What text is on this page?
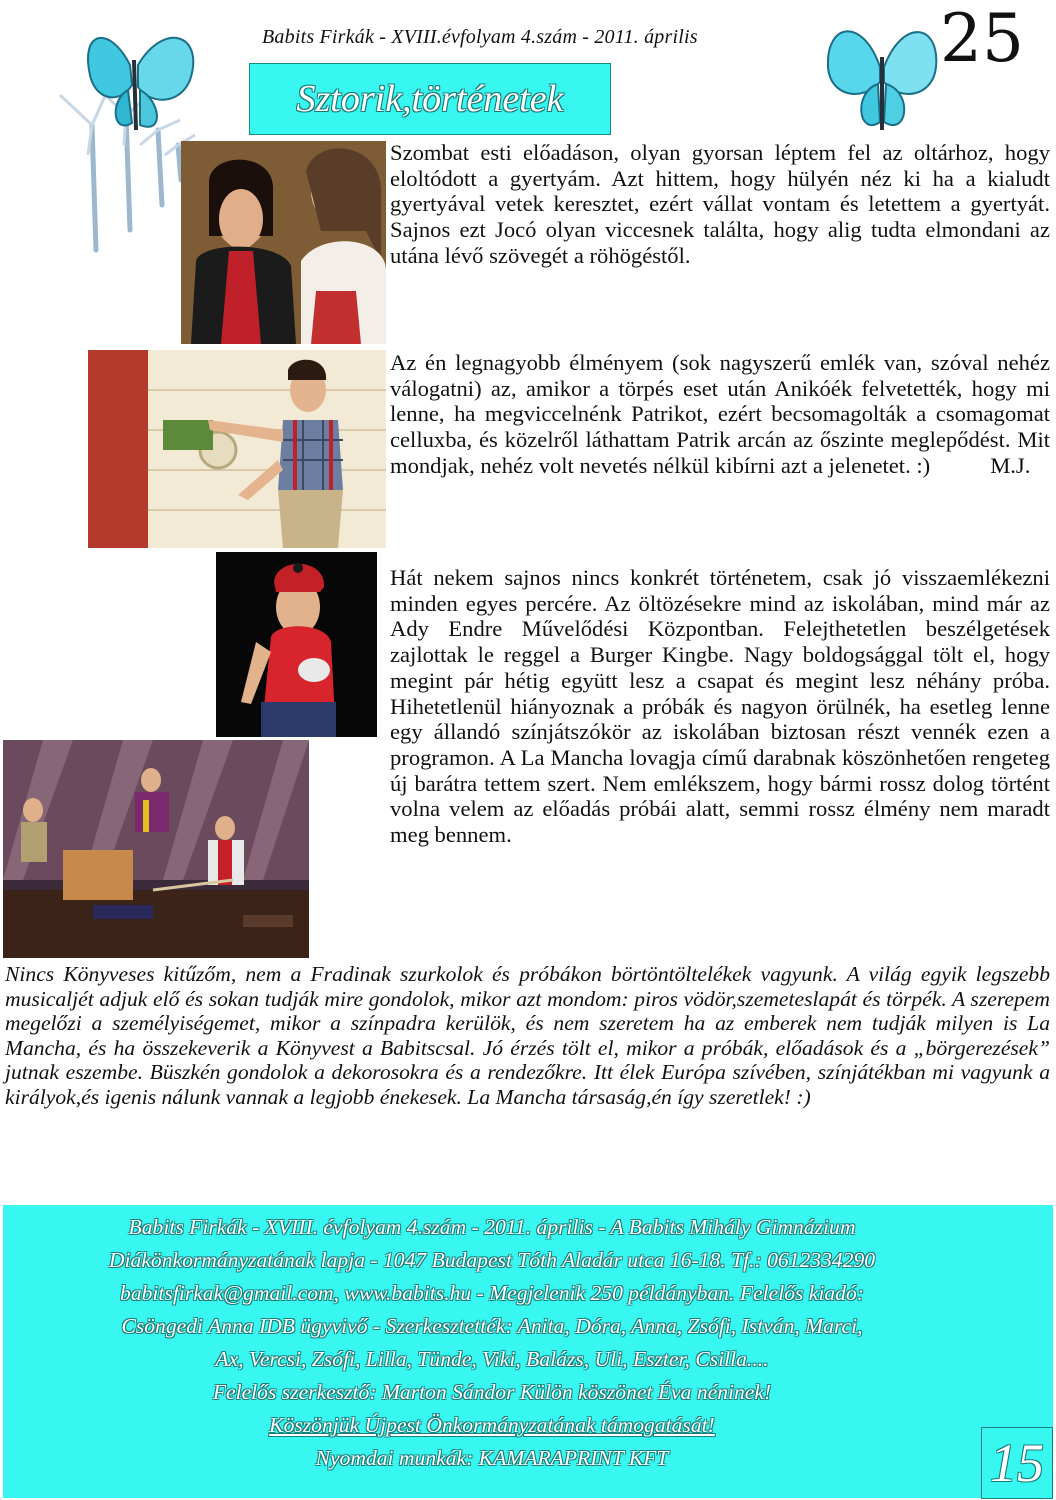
Babits Firkák - XVIII.évfolyam 4.szám - 2011. április	25
Sztorik,történetek
Szombat esti előadáson, olyan gyorsan léptem fel az oltárhoz, hogy eloltódott a gyertyám. Azt hittem, hogy hülyén néz ki ha a kialudt gyertyával vetek keresztet, ezért vállat vontam és letettem a gyertyát. Sajnos ezt Jocó olyan viccesnek találta, hogy alig tudta elmondani az utána lévő szövegét a röhögéstől.
Az én legnagyobb élményem (sok nagyszerű emlék van, szóval nehéz válogatni) az, amikor a törpés eset után Anikóék felvetették, hogy mi lenne, ha megviccelnénk Patrikot, ezért becsomagolták a csomagomat celluxba, és közelről láthattam Patrik arcán az őszinte meglepődést. Mit mondjak, nehéz volt nevetés nélkül kibírni azt a jelenetet. :)	M.J.
Hát nekem sajnos nincs konkrét történetem, csak jó visszaemlékezni minden egyes percére. Az öltözésekre mind az iskolában, mind már az Ady Endre Művelődési Központban. Felejthetetlen beszélgetések zajlottak le reggel a Burger Kingbe. Nagy boldogsággal tölt el, hogy megint pár hétig együtt lesz a csapat és megint lesz néhány próba. Hihetetlenül hiányoznak a próbák és nagyon örülnék, ha esetleg lenne egy állandó színjátszókör az iskolában biztosan részt vennék ezen a programon. A La Mancha lovagja című darabnak köszönhetően rengeteg új barátra tettem szert. Nem emlékszem, hogy bármi rossz dolog történt volna velem az előadás próbái alatt, semmi rossz élmény nem maradt meg bennem.
Nincs Könyveses kitűzőm, nem a Fradinak szurkolok és próbákon börtöntöltelékek vagyunk. A világ egyik legszebb musicaljét adjuk elő és sokan tudják mire gondolok, mikor azt mondom: piros vödör,szemeteslapát és törpék. A szerepem megelőzi a személyiségemet, mikor a színpadra kerülök, és nem szeretem ha az emberek nem tudják milyen is La Mancha, és ha összekeverik a Könyvest a Babitscsal. Jó érzés tölt el, mikor a próbák, előadások és a „börgerezések” jutnak eszembe. Büszkén gondolok a dekorosokra és a rendezőkre. Itt élek Európa szívében, színjátékban mi vagyunk a királyok,és igenis nálunk vannak a legjobb énekesek. La Mancha társaság,én így szeretlek! :)
Babits Firkák - XVIII. évfolyam 4.szám - 2011. április - A Babits Mihály Gimnázium
Diákönkormányzatának lapja - 1047 Budapest Tóth Aladár utca 16-18. Tf.: 0612334290
babitsfirkak@gmail.com, www.babits.hu - Megjelenik 250 példányban. Felelős kiadó:
Csöngedi Anna IDB ügyvivő - Szerkesztették: Anita, Dóra, Anna, Zsófi, István, Marci,
Ax, Vercsi, Zsófi, Lilla, Tünde, Viki, Balázs, Uli, Eszter, Csilla....
Felelős szerkesztő: Marton Sándor Külön köszönet Éva néninek!
Köszönjük Újpest Önkormányzatának támogatását!
Nyomdai munkák: KAMARAPRINT KFT	15
